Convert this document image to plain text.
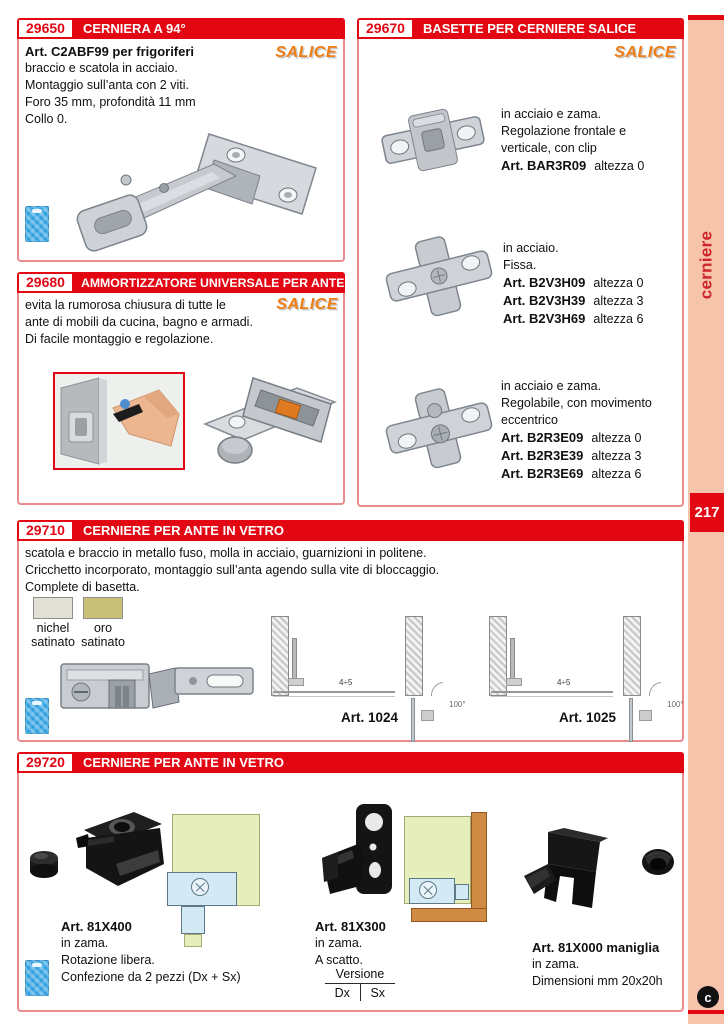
29650	CERNIERA A 94°
SALICE
Art. C2ABF99 per frigoriferi
braccio e scatola in acciaio.
Montaggio sull’anta con 2 viti.
Foro 35 mm, profondità 11 mm
Collo 0.
29670	BASETTE PER CERNIERE SALICE
SALICE
in acciaio e zama.
Regolazione frontale e
verticale, con clip
Art. BAR3R09 altezza 0
in acciaio.
Fissa.
Art. B2V3H09 altezza 0
Art. B2V3H39 altezza 3
Art. B2V3H69 altezza 6
in acciaio e zama.
Regolabile, con movimento
eccentrico
Art. B2R3E09 altezza 0
Art. B2R3E39 altezza 3
Art. B2R3E69 altezza 6
29680	AMMORTIZZATORE UNIVERSALE PER ANTE
SALICE
evita la rumorosa chiusura di tutte le
ante di mobili da cucina, bagno e armadi.
Di facile montaggio e regolazione.
29710	CERNIERE PER ANTE IN VETRO
scatola e braccio in metallo fuso, molla in acciaio, guarnizioni in politene.
Cricchetto incorporato, montaggio sull’anta agendo sulla vite di bloccaggio.
Complete di basetta.
nichel
satinato
oro
satinato
4÷5
Art. 1024
100°
4÷5
Art. 1025
100°
29720	CERNIERE PER ANTE IN VETRO
Art. 81X400
in zama.
Rotazione libera.
Confezione da 2 pezzi (Dx + Sx)
Art. 81X300
in zama.
A scatto.
Versione
Dx	Sx
Art. 81X000 maniglia
in zama.
Dimensioni mm 20x20h
cerniere
217
c
